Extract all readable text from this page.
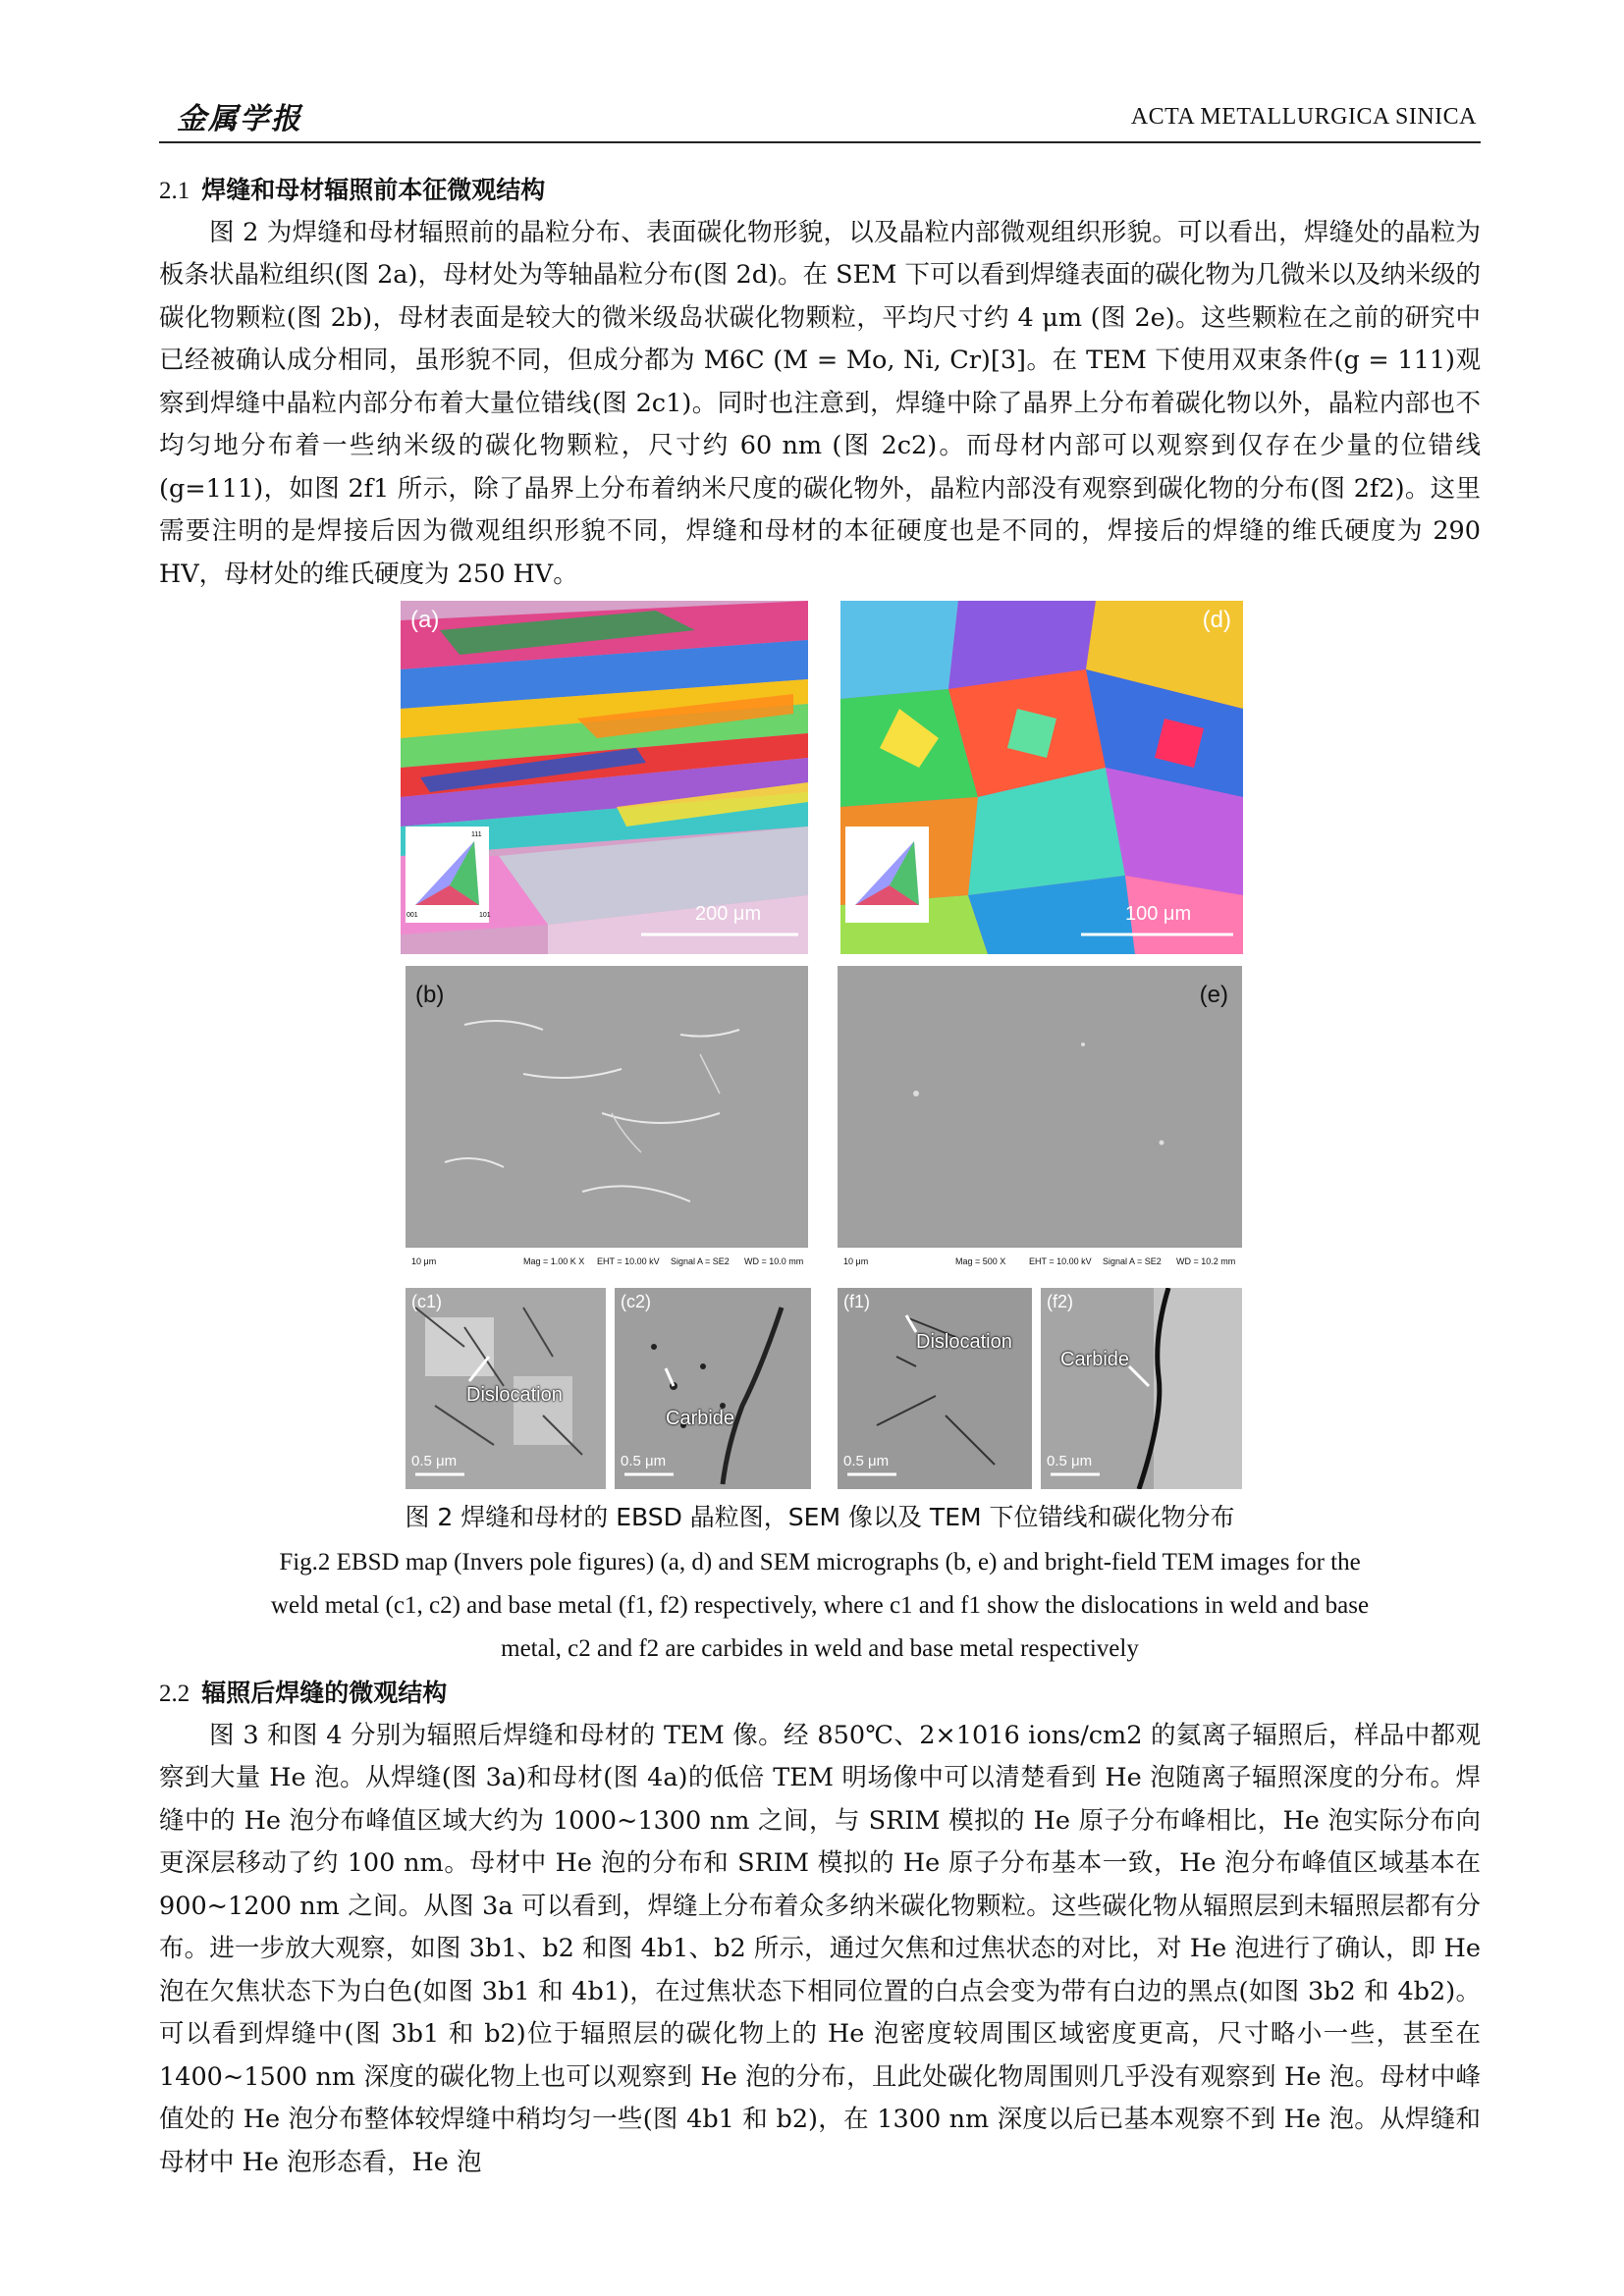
金属学报	ACTA METALLURGICA SINICA
2.1 焊缝和母材辐照前本征微观结构

图 2 为焊缝和母材辐照前的晶粒分布、表面碳化物形貌，以及晶粒内部微观组织形貌。可以看出，焊缝处的晶粒为板条状晶粒组织(图 2a)，母材处为等轴晶粒分布(图 2d)。在 SEM 下可以看到焊缝表面的碳化物为几微米以及纳米级的碳化物颗粒(图 2b)，母材表面是较大的微米级岛状碳化物颗粒，平均尺寸约 4 μm (图 2e)。这些颗粒在之前的研究中已经被确认成分相同，虽形貌不同，但成分都为 M6C (M = Mo, Ni, Cr)[3]。在 TEM 下使用双束条件(g = 111)观察到焊缝中晶粒内部分布着大量位错线(图 2c1)。同时也注意到，焊缝中除了晶界上分布着碳化物以外，晶粒内部也不均匀地分布着一些纳米级的碳化物颗粒，尺寸约 60 nm (图 2c2)。而母材内部可以观察到仅存在少量的位错线 (g=111)，如图 2f1 所示，除了晶界上分布着纳米尺度的碳化物外，晶粒内部没有观察到碳化物的分布(图 2f2)。这里需要注明的是焊接后因为微观组织形貌不同，焊缝和母材的本征硬度也是不同的，焊接后的焊缝的维氏硬度为 290 HV，母材处的维氏硬度为 250 HV。

001	101
111
(a)
200 μm
(d)
100 μm
10 μm	Mag = 1.00 K X EHT = 10.00 kV Signal A = SE2 WD = 10.0 mm
(b)
10 μm	Mag = 500 X	EHT = 10.00 kV Signal A = SE2 WD = 10.2 mm
(e)
(c1)
Dislocation
0.5 μm
(c2)
Carbide
0.5 μm
(f1)
Dislocation
0.5 μm
(f2)
Carbide
0.5 μm
图 2 焊缝和母材的 EBSD 晶粒图，SEM 像以及 TEM 下位错线和碳化物分布
Fig.2 EBSD map (Invers pole figures) (a, d) and SEM micrographs (b, e) and bright-field TEM images for the
weld metal (c1, c2) and base metal (f1, f2) respectively, where c1 and f1 show the dislocations in weld and base
metal, c2 and f2 are carbides in weld and base metal respectively
2.2 辐照后焊缝的微观结构

图 3 和图 4 分别为辐照后焊缝和母材的 TEM 像。经 850℃、2×1016 ions/cm2 的氦离子辐照后，样品中都观察到大量 He 泡。从焊缝(图 3a)和母材(图 4a)的低倍 TEM 明场像中可以清楚看到 He 泡随离子辐照深度的分布。焊缝中的 He 泡分布峰值区域大约为 1000~1300 nm 之间，与 SRIM 模拟的 He 原子分布峰相比，He 泡实际分布向更深层移动了约 100 nm。母材中 He 泡的分布和 SRIM 模拟的 He 原子分布基本一致，He 泡分布峰值区域基本在 900~1200 nm 之间。从图 3a 可以看到，焊缝上分布着众多纳米碳化物颗粒。这些碳化物从辐照层到未辐照层都有分布。进一步放大观察，如图 3b1、b2 和图 4b1、b2 所示，通过欠焦和过焦状态的对比，对 He 泡进行了确认，即 He 泡在欠焦状态下为白色(如图 3b1 和 4b1)，在过焦状态下相同位置的白点会变为带有白边的黑点(如图 3b2 和 4b2)。可以看到焊缝中(图 3b1 和 b2)位于辐照层的碳化物上的 He 泡密度较周围区域密度更高，尺寸略小一些，甚至在 1400~1500 nm 深度的碳化物上也可以观察到 He 泡的分布，且此处碳化物周围则几乎没有观察到 He 泡。母材中峰值处的 He 泡分布整体较焊缝中稍均匀一些(图 4b1 和 b2)，在 1300 nm 深度以后已基本观察不到 He 泡。从焊缝和母材中 He 泡形态看，He 泡
